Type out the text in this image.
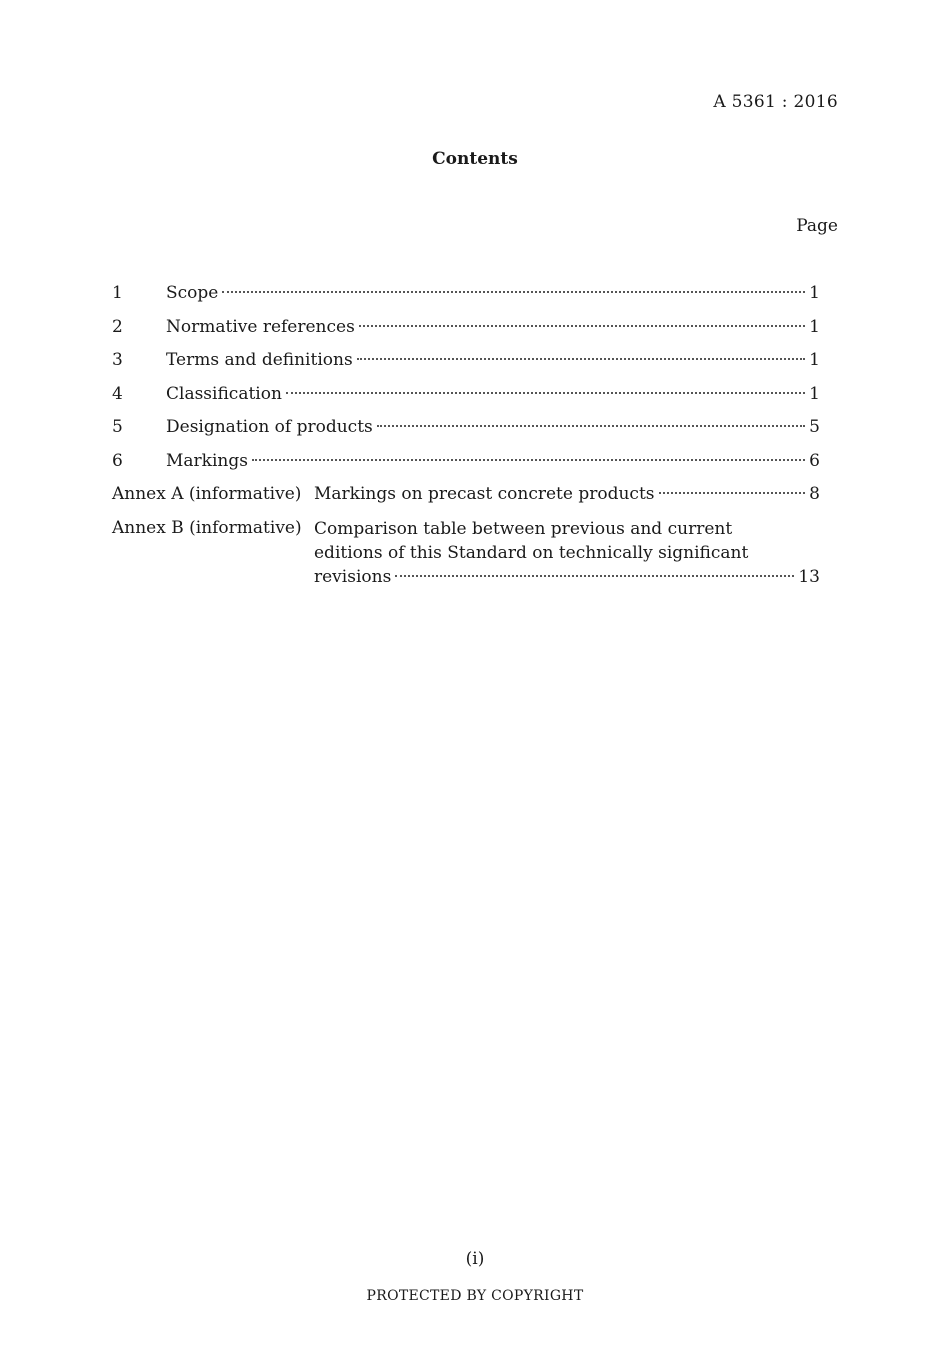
A 5361 : 2016
Contents
Page
1	Scope	1
2	Normative references	1
3	Terms and definitions	1
4	Classification	1
5	Designation of products	5
6	Markings	6
Annex A (informative) Markings on precast concrete products	8
Annex B (informative) Comparison table between previous and current
editions of this Standard on technically significant
revisions	13
(i)
PROTECTED BY COPYRIGHT
